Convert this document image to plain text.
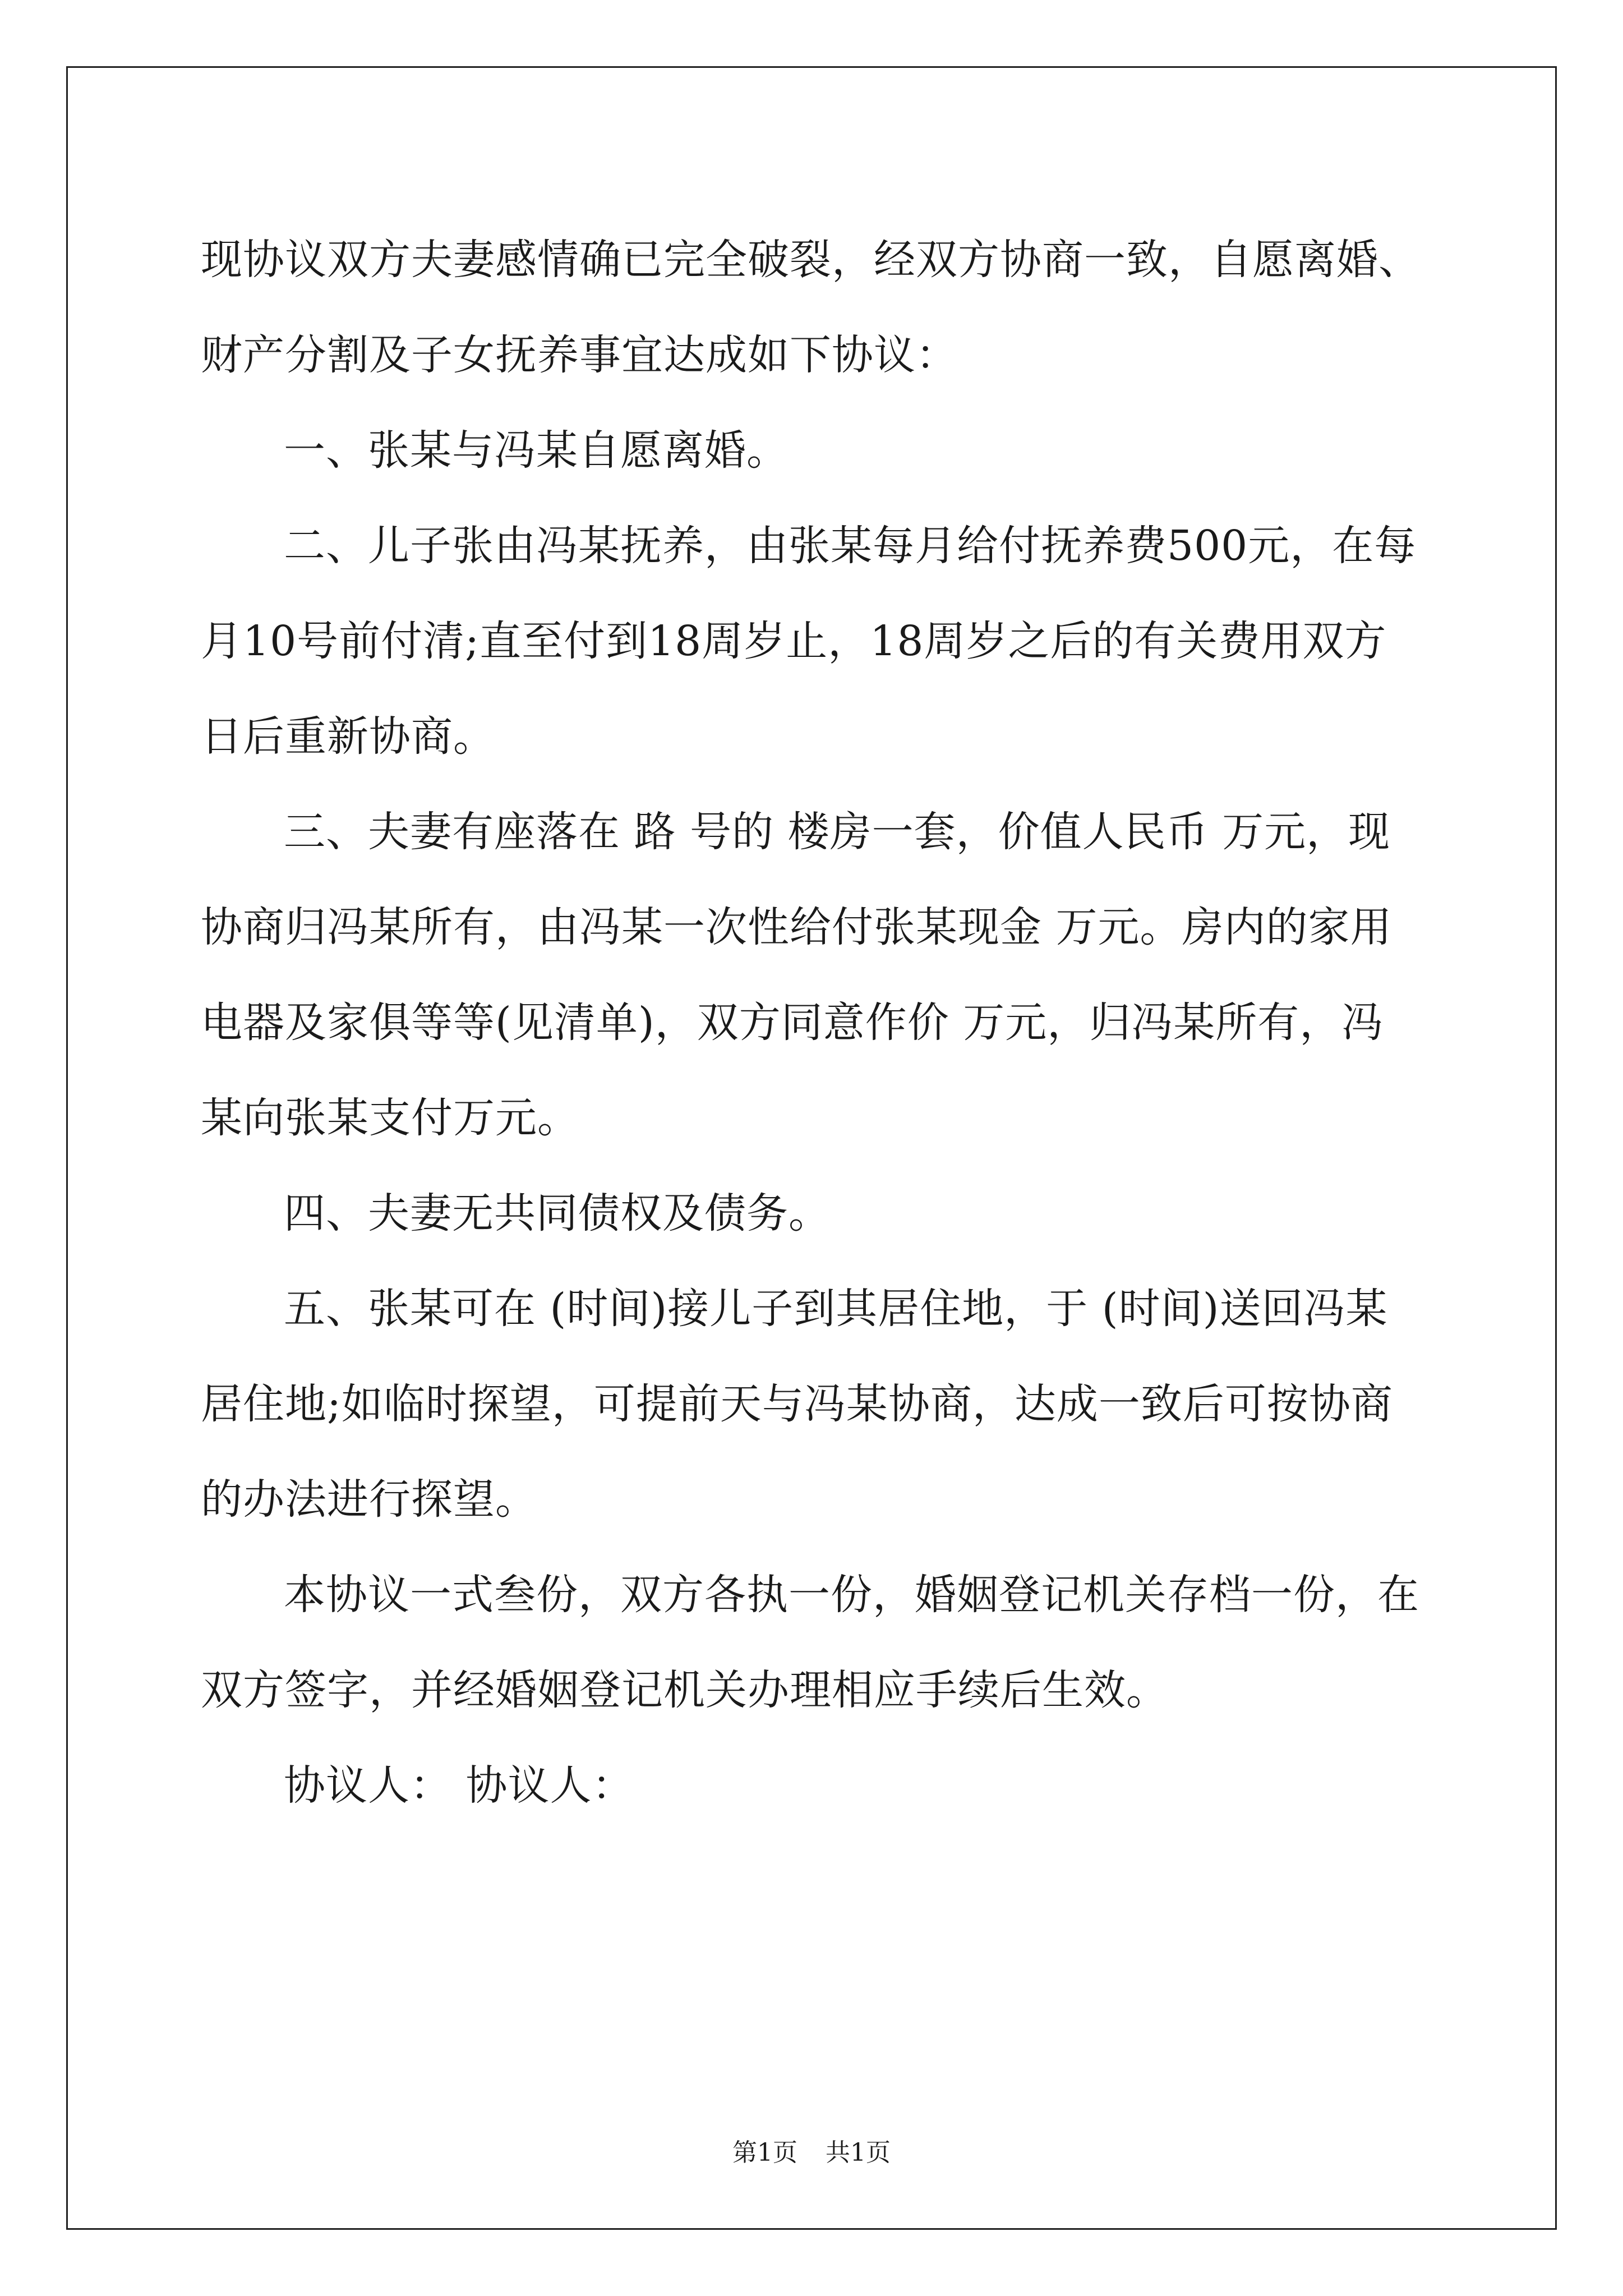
现协议双方夫妻感情确已完全破裂，经双方协商一致，自愿离婚、财产分割及子女抚养事宜达成如下协议：

一、张某与冯某自愿离婚。

二、儿子张由冯某抚养，由张某每月给付抚养费500元，在每月10号前付清;直至付到18周岁止，18周岁之后的有关费用双方日后重新协商。

三、夫妻有座落在 路 号的 楼房一套，价值人民币 万元，现协商归冯某所有，由冯某一次性给付张某现金 万元。房内的家用电器及家俱等等(见清单)，双方同意作价 万元，归冯某所有，冯某向张某支付万元。

四、夫妻无共同债权及债务。

五、张某可在 (时间)接儿子到其居住地，于 (时间)送回冯某居住地;如临时探望，可提前天与冯某协商，达成一致后可按协商的办法进行探望。

本协议一式叁份，双方各执一份，婚姻登记机关存档一份，在双方签字，并经婚姻登记机关办理相应手续后生效。

协议人： 协议人：

第1页 共1页
